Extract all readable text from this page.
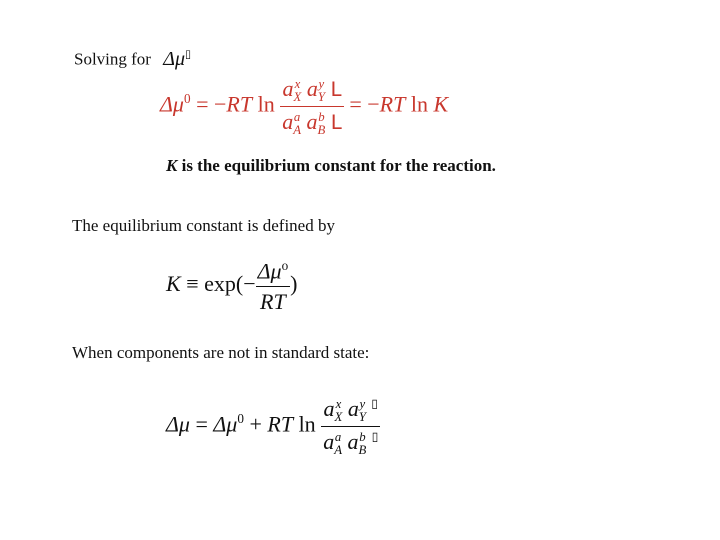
Solving for Δμ▯
$\Delta\mu^0 = -RT$ ln a x
X a y
Y L
a a
A a b
B L = −RT ln K
K is the equilibrium constant for the reaction.
The equilibrium constant is defined by
$K \equiv \exp(- \frac{\Delta\mu^o}{RT}$ )
When components are not in standard state:
$\Delta\mu = \Delta\mu^0$ + RT ln a x
X a y
Y
▯
a a
A a b
B
▯
